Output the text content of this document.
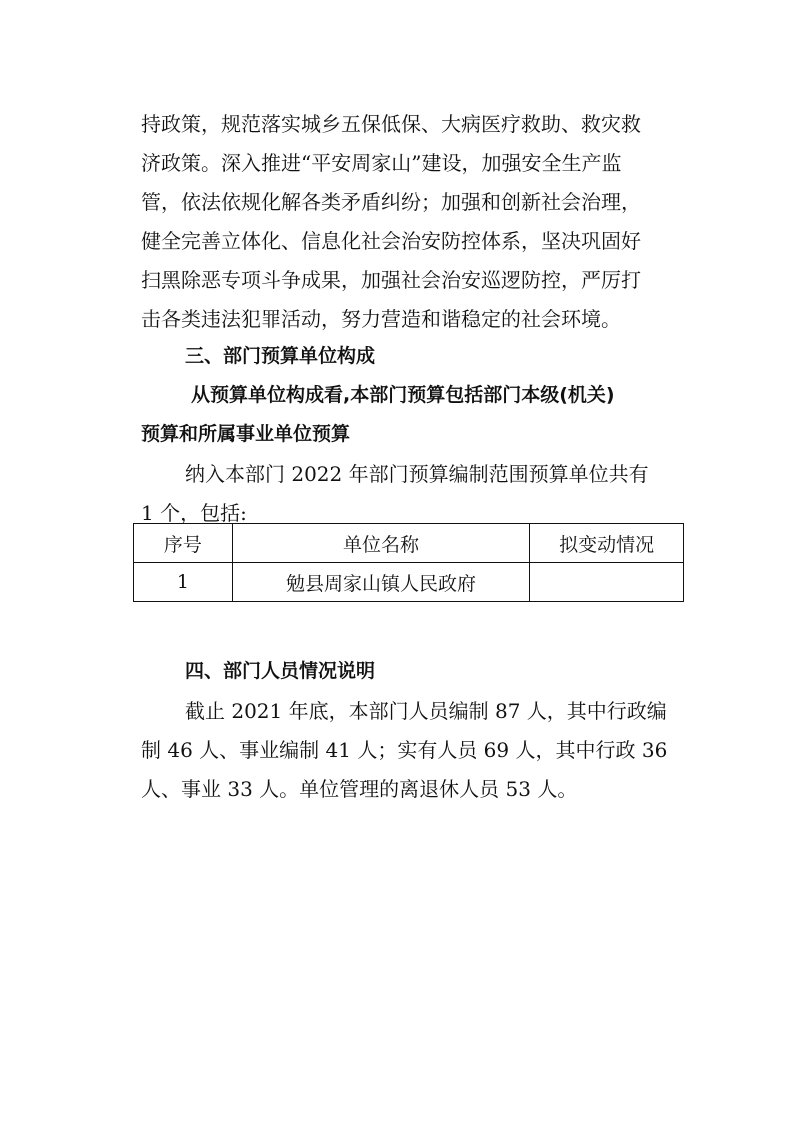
持政策，规范落实城乡五保低保、大病医疗救助、救灾救
济政策。深入推进“平安周家山”建设，加强安全生产监
管，依法依规化解各类矛盾纠纷；加强和创新社会治理，
健全完善立体化、信息化社会治安防控体系，坚决巩固好
扫黑除恶专项斗争成果，加强社会治安巡逻防控，严厉打
击各类违法犯罪活动，努力营造和谐稳定的社会环境。
三、部门预算单位构成
从预算单位构成看,本部门预算包括部门本级(机关)
预算和所属事业单位预算
纳入本部门 2022 年部门预算编制范围预算单位共有
1 个，包括:
序号	单位名称	拟变动情况
1	勉县周家山镇人民政府	
四、部门人员情况说明
截止 2021 年底，本部门人员编制 87 人，其中行政编
制 46 人、事业编制 41 人；实有人员 69 人，其中行政 36
人、事业 33 人。单位管理的离退休人员 53 人。
